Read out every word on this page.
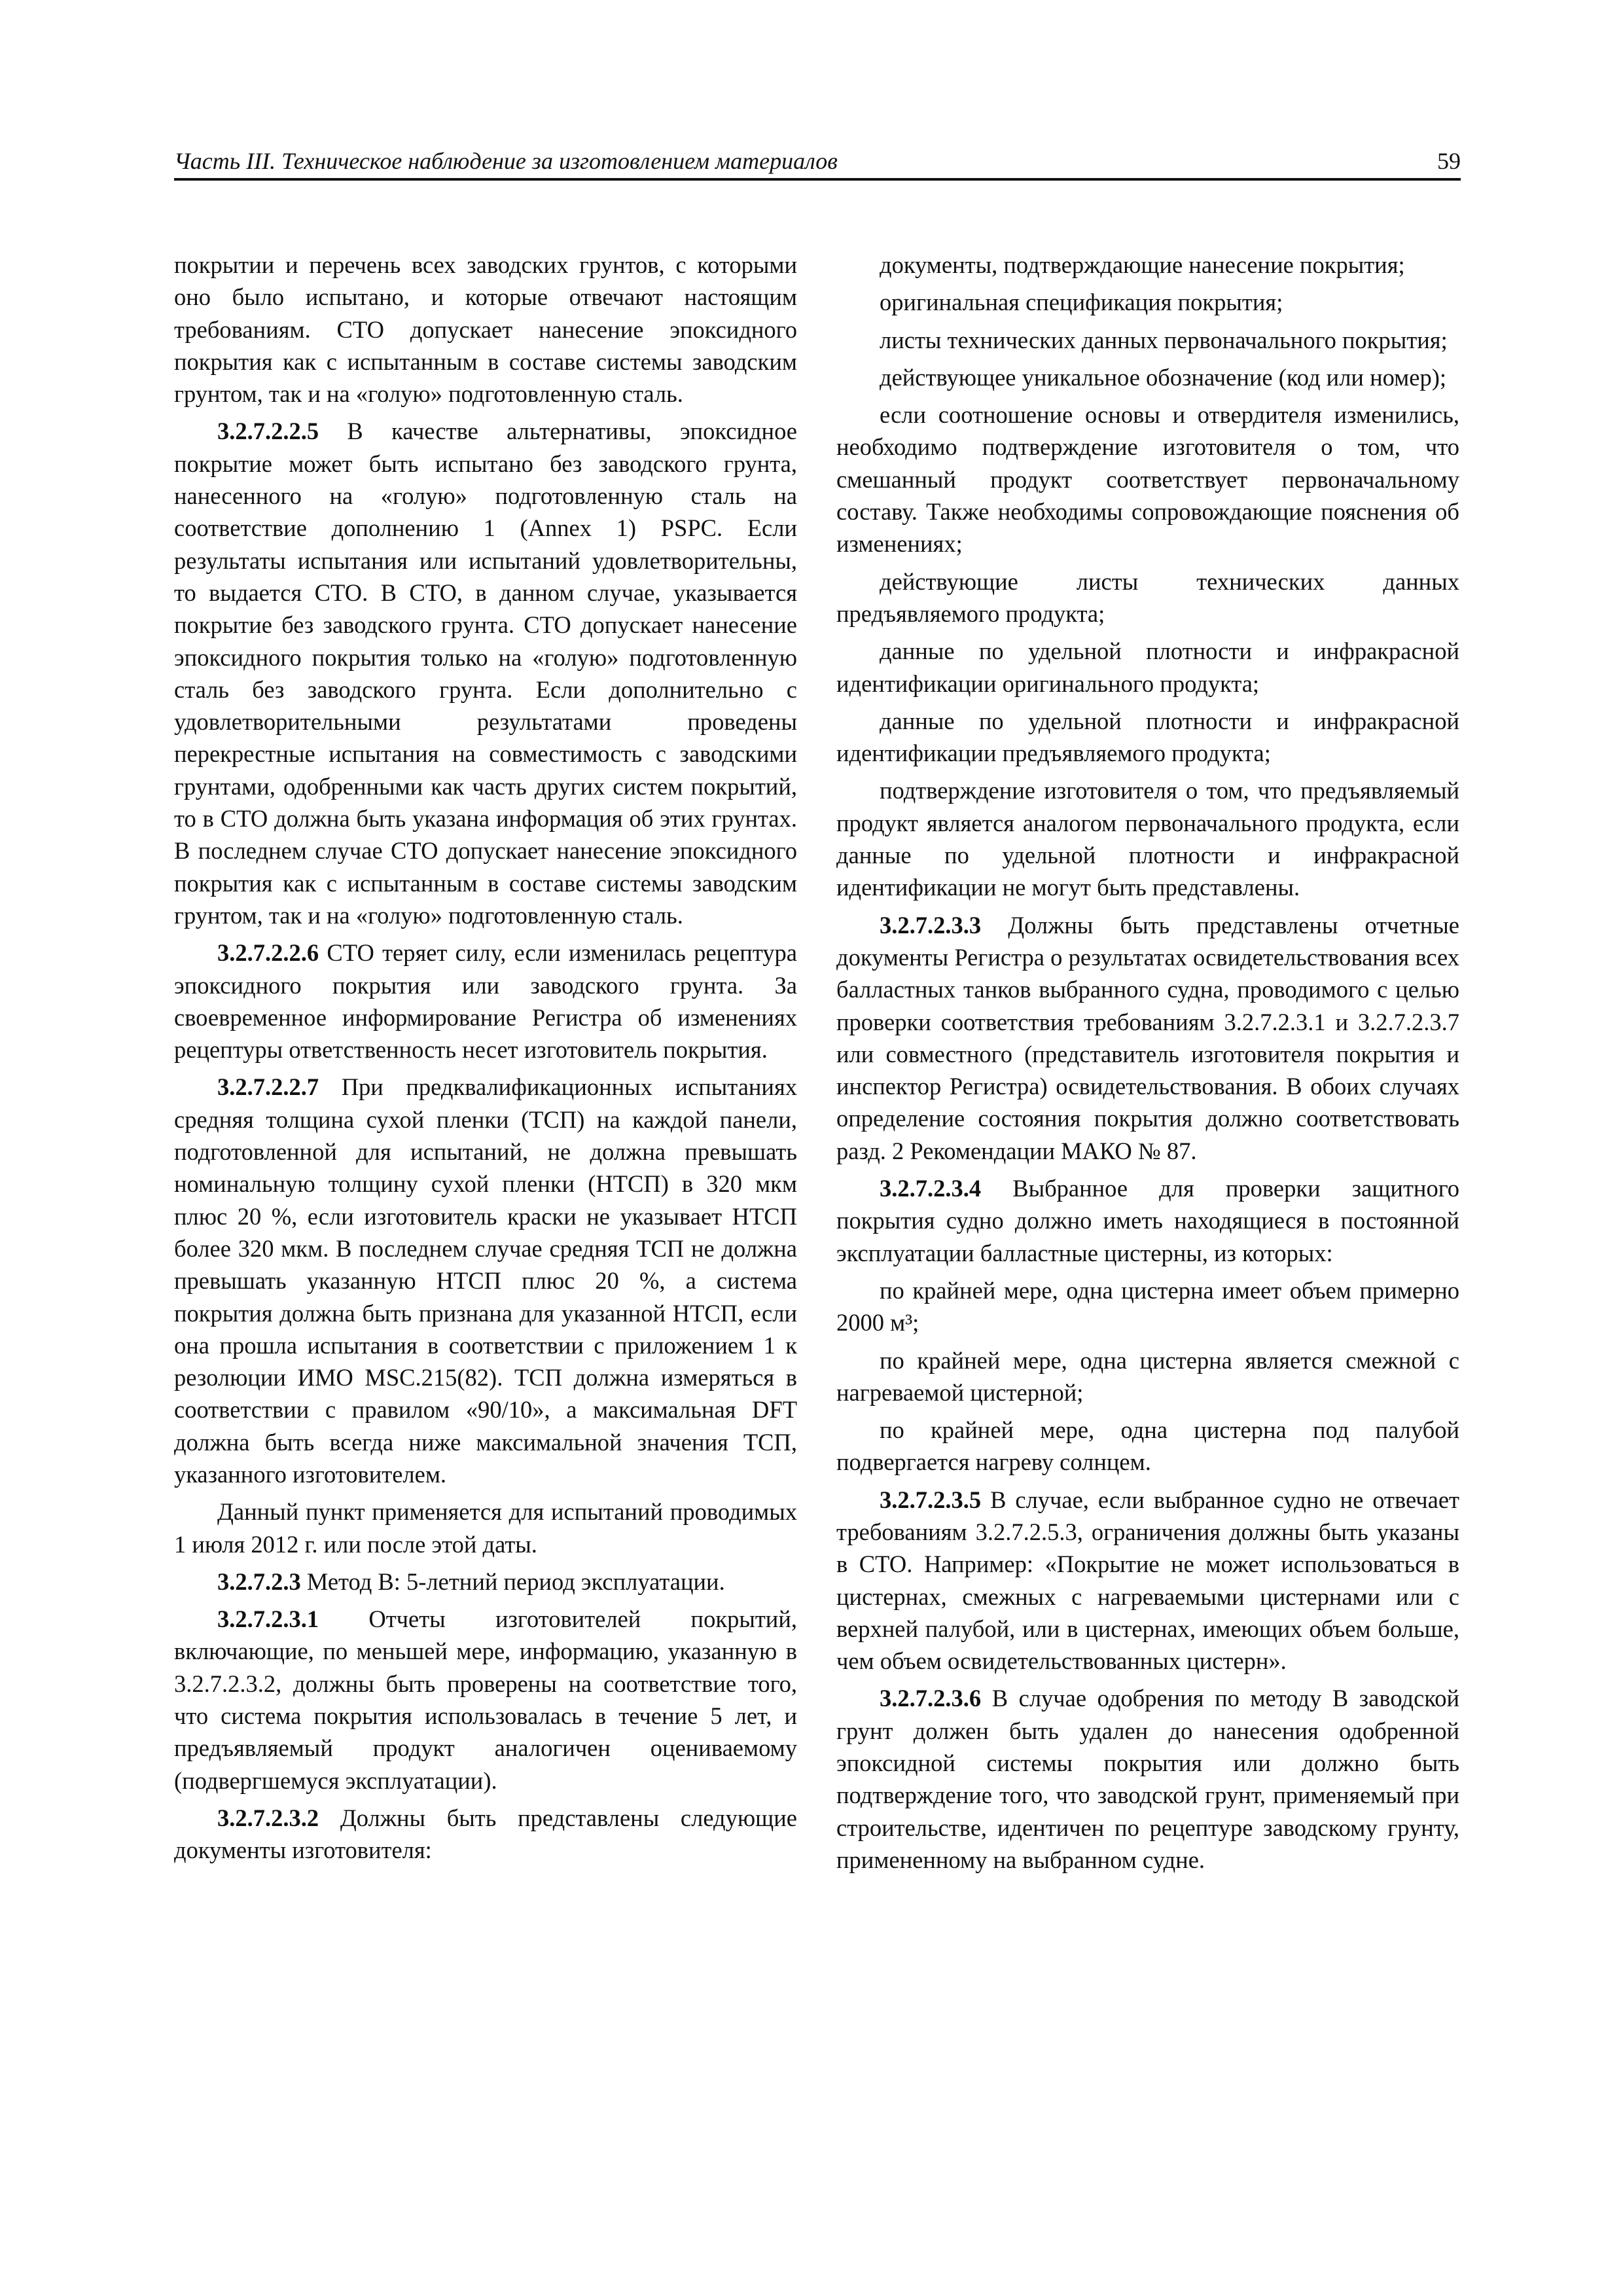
Часть III. Техническое наблюдение за изготовлением материалов	59

покрытии и перечень всех заводских грунтов, с которыми оно было испытано, и которые отвечают настоящим требованиям. СТО допускает нанесение эпоксидного покрытия как с испытанным в составе системы заводским грунтом, так и на «голую» подготовленную сталь.

3.2.7.2.2.5 В качестве альтернативы, эпоксидное покрытие может быть испытано без заводского грунта, нанесенного на «голую» подготовленную сталь на соответствие дополнению 1 (Annex 1) PSPC. Если результаты испытания или испытаний удовлетворительны, то выдается СТО. В СТО, в данном случае, указывается покрытие без заводского грунта. СТО допускает нанесение эпоксидного покрытия только на «голую» подготовленную сталь без заводского грунта. Если дополнительно с удовлетворительными результатами проведены перекрестные испытания на совместимость с заводскими грунтами, одобренными как часть других систем покрытий, то в СТО должна быть указана информация об этих грунтах. В последнем случае СТО допускает нанесение эпоксидного покрытия как с испытанным в составе системы заводским грунтом, так и на «голую» подготовленную сталь.

3.2.7.2.2.6 СТО теряет силу, если изменилась рецептура эпоксидного покрытия или заводского грунта. За своевременное информирование Регистра об изменениях рецептуры ответственность несет изготовитель покрытия.

3.2.7.2.2.7 При предквалификационных испытаниях средняя толщина сухой пленки (ТСП) на каждой панели, подготовленной для испытаний, не должна превышать номинальную толщину сухой пленки (НТСП) в 320 мкм плюс 20 %, если изготовитель краски не указывает НТСП более 320 мкм. В последнем случае средняя ТСП не должна превышать указанную НТСП плюс 20 %, а система покрытия должна быть признана для указанной НТСП, если она прошла испытания в соответствии с приложением 1 к резолюции ИМО MSC.215(82). ТСП должна измеряться в соответствии с правилом «90/10», а максимальная DFT должна быть всегда ниже максимальной значения ТСП, указанного изготовителем.

Данный пункт применяется для испытаний проводимых 1 июля 2012 г. или после этой даты.

3.2.7.2.3 Метод В: 5-летний период эксплуатации.

3.2.7.2.3.1 Отчеты изготовителей покрытий, включающие, по меньшей мере, информацию, указанную в 3.2.7.2.3.2, должны быть проверены на соответствие того, что система покрытия использовалась в течение 5 лет, и предъявляемый продукт аналогичен оцениваемому (подвергшемуся эксплуатации).

3.2.7.2.3.2 Должны быть представлены следующие документы изготовителя:

документы, подтверждающие нанесение покрытия;

оригинальная спецификация покрытия;

листы технических данных первоначального покрытия;

действующее уникальное обозначение (код или номер);

если соотношение основы и отвердителя изменились, необходимо подтверждение изготовителя о том, что смешанный продукт соответствует первоначальному составу. Также необходимы сопровождающие пояснения об изменениях;

действующие листы технических данных предъявляемого продукта;

данные по удельной плотности и инфракрасной идентификации оригинального продукта;

данные по удельной плотности и инфракрасной идентификации предъявляемого продукта;

подтверждение изготовителя о том, что предъявляемый продукт является аналогом первоначального продукта, если данные по удельной плотности и инфракрасной идентификации не могут быть представлены.

3.2.7.2.3.3 Должны быть представлены отчетные документы Регистра о результатах освидетельствования всех балластных танков выбранного судна, проводимого с целью проверки соответствия требованиям 3.2.7.2.3.1 и 3.2.7.2.3.7 или совместного (представитель изготовителя покрытия и инспектор Регистра) освидетельствования. В обоих случаях определение состояния покрытия должно соответствовать разд. 2 Рекомендации МАКО № 87.

3.2.7.2.3.4 Выбранное для проверки защитного покрытия судно должно иметь находящиеся в постоянной эксплуатации балластные цистерны, из которых:

по крайней мере, одна цистерна имеет объем примерно 2000 м³;

по крайней мере, одна цистерна является смежной с нагреваемой цистерной;

по крайней мере, одна цистерна под палубой подвергается нагреву солнцем.

3.2.7.2.3.5 В случае, если выбранное судно не отвечает требованиям 3.2.7.2.5.3, ограничения должны быть указаны в СТО. Например: «Покрытие не может использоваться в цистернах, смежных с нагреваемыми цистернами или с верхней палубой, или в цистернах, имеющих объем больше, чем объем освидетельствованных цистерн».

3.2.7.2.3.6 В случае одобрения по методу В заводской грунт должен быть удален до нанесения одобренной эпоксидной системы покрытия или должно быть подтверждение того, что заводской грунт, применяемый при строительстве, идентичен по рецептуре заводскому грунту, примененному на выбранном судне.
